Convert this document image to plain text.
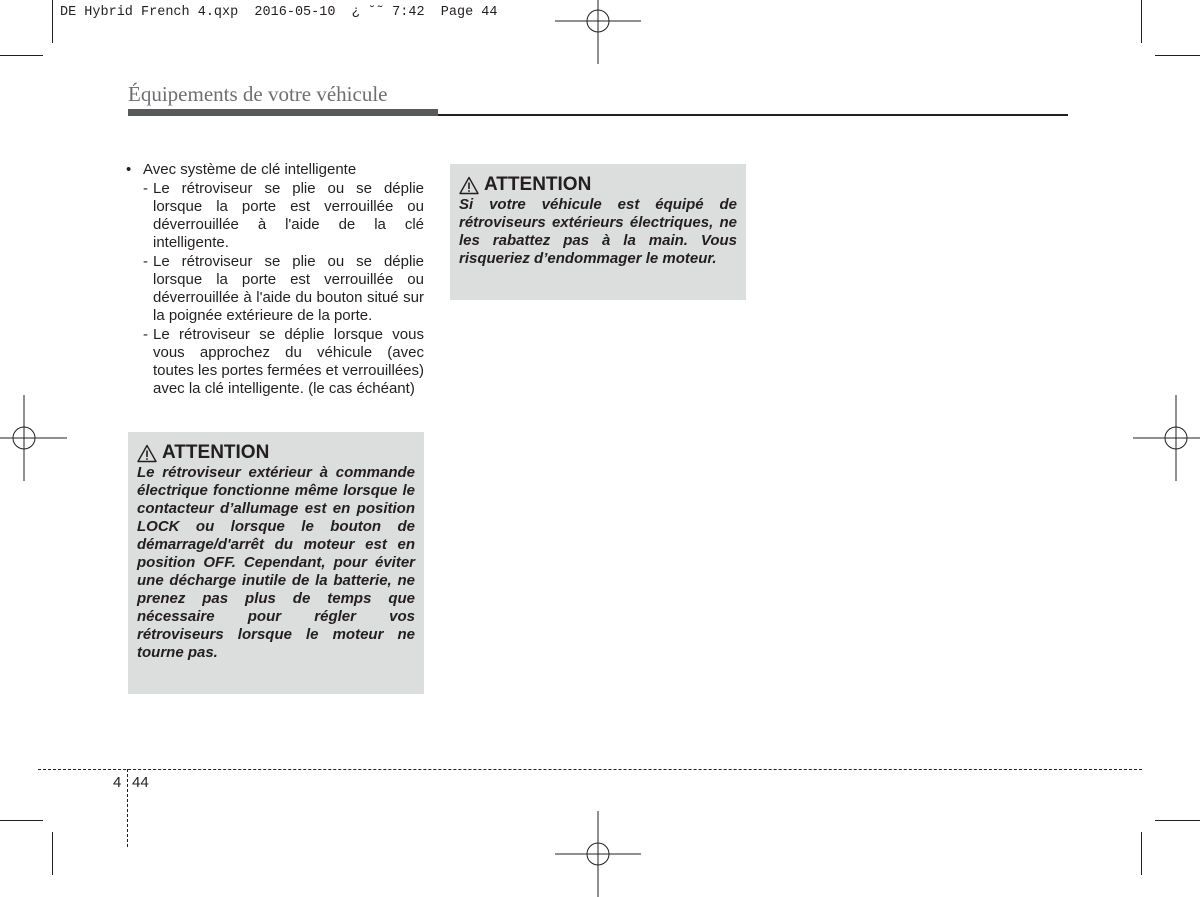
DE Hybrid French 4.qxp  2016-05-10  ¿ ˘˜ 7:42  Page 44
Équipements de votre véhicule
• Avec système de clé intelligente
- Le rétroviseur se plie ou se déplie lorsque la porte est verrouillée ou déverrouillée à l'aide de la clé intelligente.
- Le rétroviseur se plie ou se déplie lorsque la porte est verrouillée ou déverrouillée à l'aide du bouton situé sur la poignée extérieure de la porte.
- Le rétroviseur se déplie lorsque vous vous approchez du véhicule (avec toutes les portes fermées et verrouillées) avec la clé intelligente. (le cas échéant)
ATTENTION
Le rétroviseur extérieur à commande électrique fonctionne même lorsque le contacteur d’allumage est en position LOCK ou lorsque le bouton de démarrage/d'arrêt du moteur est en position OFF. Cependant, pour éviter une décharge inutile de la batterie, ne prenez pas plus de temps que nécessaire pour régler vos rétroviseurs lorsque le moteur ne tourne pas.
ATTENTION
Si votre véhicule est équipé de rétroviseurs extérieurs électriques, ne les rabattez pas à la main. Vous risqueriez d’endommager le moteur.
4 44
